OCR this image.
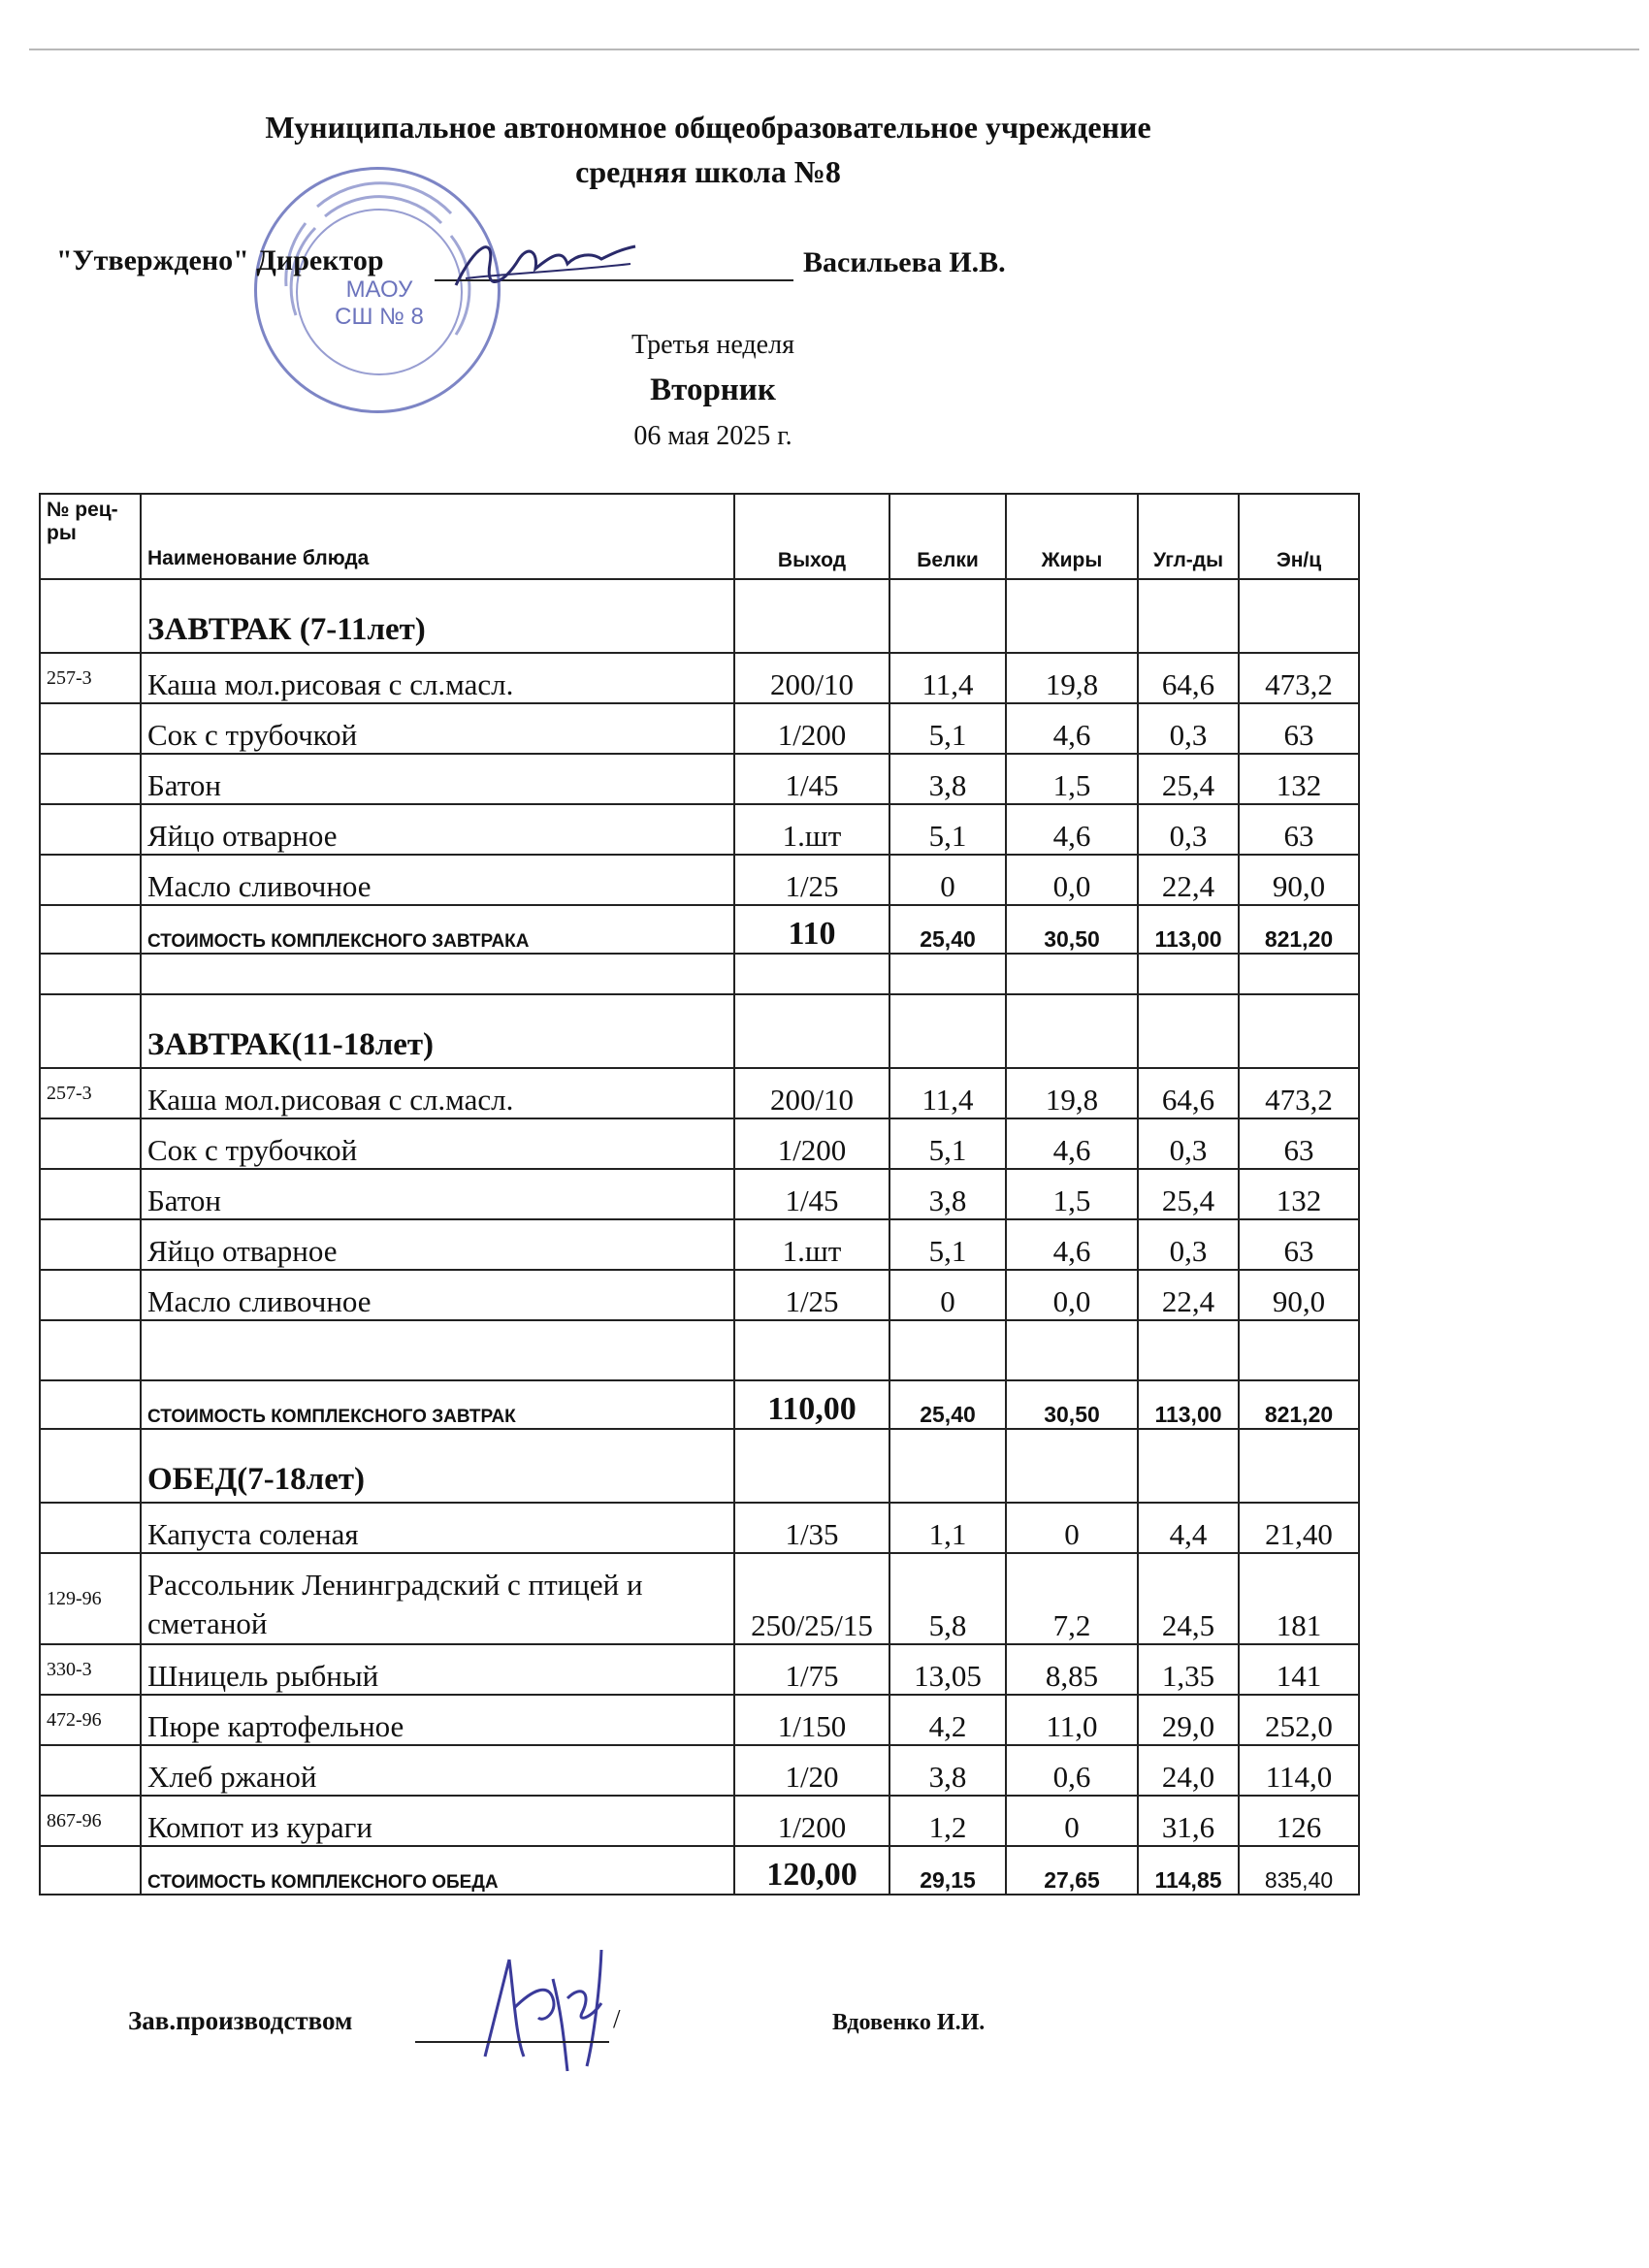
Муниципальное автономное общеобразовательное учреждение
средняя школа №8
МАОУ
СШ № 8
"Утверждено" Директор	Васильева И.В.
Третья неделя
Вторник
06 мая 2025 г.
№ рец-ры	Наименование блюда	Выход	Белки	Жиры	Угл-ды	Эн/ц
	ЗАВТРАК (7-11лет)					
257-3	Каша мол.рисовая с сл.масл.	200/10	11,4	19,8	64,6	473,2
	Сок с трубочкой	1/200	5,1	4,6	0,3	63
	Батон	1/45	3,8	1,5	25,4	132
	Яйцо отварное	1.шт	5,1	4,6	0,3	63
	Масло сливочное	1/25	0	0,0	22,4	90,0
	СТОИМОСТЬ КОМПЛЕКСНОГО ЗАВТРАКА	110	25,40	30,50	113,00	821,20

	ЗАВТРАК(11-18лет)					
257-3	Каша мол.рисовая с сл.масл.	200/10	11,4	19,8	64,6	473,2
	Сок с трубочкой	1/200	5,1	4,6	0,3	63
	Батон	1/45	3,8	1,5	25,4	132
	Яйцо отварное	1.шт	5,1	4,6	0,3	63
	Масло сливочное	1/25	0	0,0	22,4	90,0

	СТОИМОСТЬ КОМПЛЕКСНОГО ЗАВТРАК	110,00	25,40	30,50	113,00	821,20
	ОБЕД(7-18лет)					
	Капуста соленая	1/35	1,1	0	4,4	21,40
129-96	Рассольник Ленинградский с птицей и сметаной	250/25/15	5,8	7,2	24,5	181
330-3	Шницель рыбный	1/75	13,05	8,85	1,35	141
472-96	Пюре картофельное	1/150	4,2	11,0	29,0	252,0
	Хлеб ржаной	1/20	3,8	0,6	24,0	114,0
867-96	Компот из кураги	1/200	1,2	0	31,6	126
	СТОИМОСТЬ КОМПЛЕКСНОГО ОБЕДА	120,00	29,15	27,65	114,85	835,40
Зав.производством	/	Вдовенко И.И.
